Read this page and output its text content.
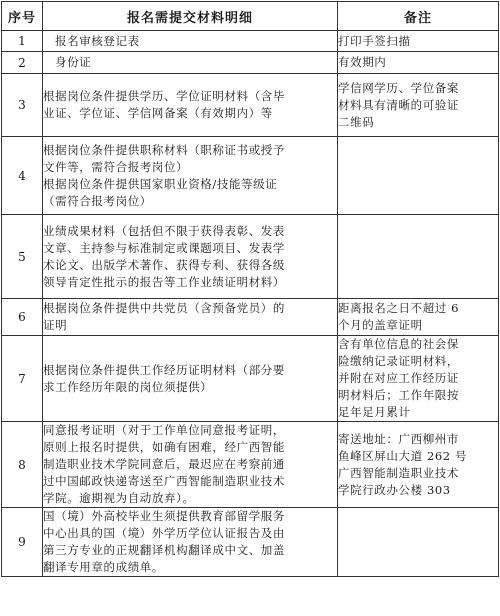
序号	报名需提交材料明细	备注
1	报名审核登记表	打印手签扫描

2	身份证	有效期内

3	根据岗位条件提供学历、学位证明材料（含毕
业证、学位证、学信网备案（有效期内）等	学信网学历、学位备案
材料具有清晰的可验证
二维码

4	根据岗位条件提供职称材料（职称证书或授予
文件等，需符合报考岗位）
根据岗位条件提供国家职业资格/技能等级证
（需符合报考岗位）	

5	业绩成果材料（包括但不限于获得表彰、发表
文章、主持参与标准制定或课题项目、发表学
术论文、出版学术著作、获得专利、获得各级
领导肯定性批示的报告等工作业绩证明材料）	

6	根据岗位条件提供中共党员（含预备党员）的
证明	距离报名之日不超过 6
个月的盖章证明

7	根据岗位条件提供工作经历证明材料（部分要
求工作经历年限的岗位须提供）	含有单位信息的社会保
险缴纳记录证明材料，
并附在对应工作经历证
明材料后；工作年限按
足年足月累计

8	同意报考证明（对于工作单位同意报考证明，
原则上报名时提供，如确有困难，经广西智能
制造职业技术学院同意后，最迟应在考察前通
过中国邮政快递寄送至广西智能制造职业技术
学院。逾期视为自动放弃）。	寄送地址：广西柳州市
鱼峰区屏山大道 262 号
广西智能制造职业技术
学院行政办公楼 303

9	国（境）外高校毕业生须提供教育部留学服务
中心出具的国（境）外学历学位认证报告及由
第三方专业的正规翻译机构翻译成中文、加盖
翻译专用章的成绩单。	
